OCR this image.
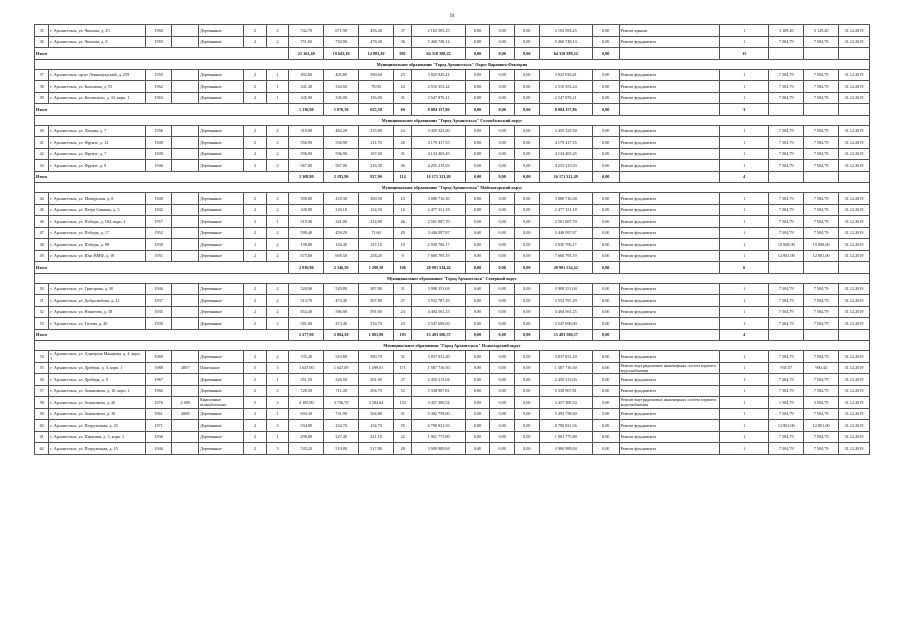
91
35	г. Архангельск, ул. Чкалова, д. 25	1960		Деревянные	2	2	742,70	671,90	456,40	37	2 102 585,25	0,00	0,00	0,00	2 102 585,25	0,00	Ремонт крыши	1	3 109,20	3 129,20	31.12.2019
36	г. Архангельск, ул. Чкалова, д. 8	1959		Деревянные	2	2	751,60	730,90	478,40	36	5 460 748,14	0,00	0,00	0,00	5 460 748,14	0,00	Ремонт фундамента	1	7 504,79	7 504,79	31.12.2019
Итого							21 162,40	19 643,10	14 983,20	981	64 318 388,22	0,00	0,00	0,00	64 318 388,22	0,00		15			
Муниципальное образование "Город Архангельск" Округ Варавино-Фактория																					
37	г. Архангельск, пр-кт Ленинградский, д. 259	1955		Деревянные	2	1	402,80	405,80	390,60	23	3 025 929,41	0,00	0,00	0,00	3 025 929,41	0,00	Ремонт фундамента	1	7 504,79	7 504,79	31.12.2019
38	г. Архангельск, ул. Кононова, д. 55	1962		Деревянные	2	1	341,30	334,50	78,90	24	2 510 353,24	0,00	0,00	0,00	2 510 353,24	0,00	Ремонт фундамента	1	7 504,79	7 504,79	31.12.2019
39	г. Архангельск, ул. Котовского, д. 33, корп. 1	1963		Деревянные	2	1	345,90	336,00	156,00	31	2 547 876,21	0,00	0,00	0,00	2 547 876,21	0,00	Ремонт фундамента	1	7 504,79	7 504,79	31.12.2019
Итого							1 130,00	1 076,30	625,50	69	8 084 157,86	0,00	0,00	0,00	8 084 157,86	0,00		3			
Муниципальное образование "Город Архангельск" Соломбальский округ																					
40	г. Архангельск, ул. Ленина, д. 7	1956		Деревянные	2	2	510,00	484,20	235,80	24	3 455 323,50	0,00	0,00	0,00	3 455 323,50	0,00	Ремонт фундамента	1	7 504,79	7 504,79	31.12.2019
41	г. Архангельск, ул. Фрунзе, д. 12	1948		Деревянные	2	2	556,90	556,90	211,70	26	4 179 417,55	0,00	0,00	0,00	4 179 417,55	0,00	Ремонт фундамента	1	7 504,79	7 504,79	31.12.2019
42	г. Архангельск, ул. Фрунзе, д. 7	1949		Деревянные	2	2	596,90	596,90	167,60	31	4 134 465,45	0,00	0,00	0,00	4 134 465,45	0,00	Ремонт фундамента	1	7 504,79	7 504,79	31.12.2019
43	г. Архангельск, ул. Фрунзе, д. 9	1946		Деревянные	2	2	567,00	567,00	216,30	36	4 255 215,93	0,00	0,00	0,00	4 255 215,93	0,00	Ремонт фундамента	1	7 504,79	7 504,79	31.12.2019
Итого							2 308,80	2 183,90	827,00	114	16 171 321,49	0,00	0,00	0,00	16 171 321,49	0,00		4			
Муниципальное образование "Город Архангельск" Майскогорский округ																					
44	г. Архангельск, ул. Мещерская, д. 8	1940		Деревянные	2	2	500,80	410,30	300,50	23	3 080 716,30	0,00	0,00	0,00	3 080 716,30	0,00	Ремонт фундамента	1	7 504,79	7 504,79	31.12.2019
45	г. Архангельск, ул. Петра Сивкова, д. 3	1942		Деревянные	2	2	349,80	330,10	124,50	16	2 477 331,18	0,00	0,00	0,00	2 477 331,18	0,00	Ремонт фундамента	1	7 504,79	7 504,79	31.12.2019
46	г. Архангельск, ул. Победы, д. 104, корп. 1	1957		Деревянные	2	1	519,40	341,00	414,80	26	2 561 887,70	0,00	0,00	0,00	2 561 887,70	0,00	Ремонт фундамента	1	7 504,79	7 504,79	31.12.2019
47	г. Архангельск, ул. Победы, д. 17	1952		Деревянные	2	2	599,40	459,20	71,60	29	3 446 097,87	0,00	0,00	0,00	3 446 097,87	0,00	Ремонт фундамента	1	7 504,79	7 504,79	31.12.2019
48	г. Архангельск, ул. Победы, д. 98	1939		Деревянные	1	2	190,80	136,40	147,10	10	2 030 706,17	0,00	0,00	0,00	2 030 706,17	0,00	Ремонт фундамента	1	15 008,00	15 008,00	31.12.2019
49	г. Архангельск, ул. Юнг ВМФ, д. 10	1951		Деревянные	2	2	675,60	669,50	258,20	0	7 660 795,19	0,00	0,00	0,00	7 660 795,19	0,00	Ремонт фундамента	1	12 801,00	12 801,00	31.12.2019
Итого							2 930,80	2 346,50	1 280,30	106	20 981 534,42	0,00	0,00	0,00	20 981 534,42	0,00		6			
Муниципальное образование "Город Архангельск" Северный округ																					
50	г. Архангельск, ул. Григорова, д. 30	1946		Деревянные	2	2	520,80	520,80	387,80	31	3 908 351,04	0,00	0,00	0,00	3 908 351,04	0,00	Ремонт фундамента	1	7 504,79	7 504,79	31.12.2019
51	г. Архангельск, ул. Добролюбова, д. 12	1937		Деревянные	2	2	513,70	473,40	367,80	27	3 552 787,29	0,00	0,00	0,00	3 552 787,29	0,00	Ремонт фундамента	1	7 504,79	7 504,79	31.12.2019
52	г. Архангельск, ул. Никитова, д. 18	1935		Деревянные	2	2	652,40	586,90	591,60	24	4 404 561,25	0,00	0,00	0,00	4 404 561,25	0,00	Ремонт фундамента	1	7 504,79	7 504,79	31.12.2019
53	г. Архангельск, ул. Титова, д. 20	1938		Деревянные	2	2	581,00	473,40	516,70	23	3 547 696,00	0,00	0,00	0,00	3 547 696,00	0,00	Ремонт фундамента	1	7 504,79	7 504,79	31.12.2019
Итого							2 277,90	2 064,50	1 863,90	105	15 493 506,57	0,00	0,00	0,00	15 493 506,57	0,00		4			
Муниципальное образование "Город Архангельск" Исакогорский округ																					
54	г. Архангельск, ул. Адмирала Макарова, д. 4, корп. 1	1969		Деревянные	2	2	535,20	510,80	390,70	31	3 837 831,20	0,00	0,00	0,00	3 837 831,20	0,00	Ремонт фундамента	1	7 504,79	7 504,79	31.12.2019
55	г. Архангельск, ул. Дрейера, д. 3, корп. 1	1988	2007	Панельные	5	3	1 647,00	1 647,00	1 599,01	171	1 587 716,50	0,00	0,00	0,00	1 587 716,50	0,00	Ремонт внутридомовых инженерных систем горячего водоснабжения	1	935,57	960,44	31.12.2019
56	г. Архангельск, ул. Дрейера, д. 9	1967		Деревянные	2	1	351,50	326,50	301,60	27	2 450 313,04	0,00	0,00	0,00	2 450 313,04	0,00	Ремонт фундамента	1	7 504,79	7 504,79	31.12.2019
57	г. Архангельск, ул. Зеньковича, д. 10, корп. 1	1986		Деревянные	2	2	728,50	711,40	294,70	52	5 338 907,81	0,00	0,00	0,00	5 338 907,81	0,00	Ремонт фундамента	1	7 504,79	7 504,79	31.12.2019
58	г. Архангельск, ул. Зеньковича, д. 26	1976	2 009	Кирпичные, шлакоблочные	5	3	4 185,80	3 736,70	3 584,64	133	3 457 300,54	0,00	0,00	0,00	3 457 300,54	0,00	Ремонт внутридомовых инженерных систем горячего водоснабжения	1	1 504,79	3 504,79	31.12.2019
59	г. Архангельск, ул. Зеньковича, д. 30	1961	2008	Деревянные	2	1	694,30	731,90	564,80	31	5 492 758,60	0,00	0,00	0,00	5 492 758,60	0,00	Ремонт фундамента	1	7 504,79	7 504,79	31.12.2019
60	г. Архангельск, ул. Погрузочная, д. 25	1971		Деревянные	2	3	934,90	234,70	234,70	55	6 790 821,56	0,00	0,00	0,00	6 790 821,56	0,00	Ремонт фундамента	1	12 801,00	12 801,00	31.12.2019
61	г. Архангельск, ул. Парковая, д. 3, корп. 1	1936		Деревянные	2	1	290,00	227,40	221,10	22	1 961 775,80	0,00	0,00	0,00	1 961 775,80	0,00	Ремонт фундамента	1	7 504,79	7 504,79	31.12.2019
62	г. Архангельск, ул. Погрузочная, д. 15	1946		Деревянные	2	3	535,20	519,80	517,80	28	3 900 989,84	0,00	0,00	0,00	3 900 989,84	0,00	Ремонт фундамента	1	7 504,79	7 504,79	31.12.2019
